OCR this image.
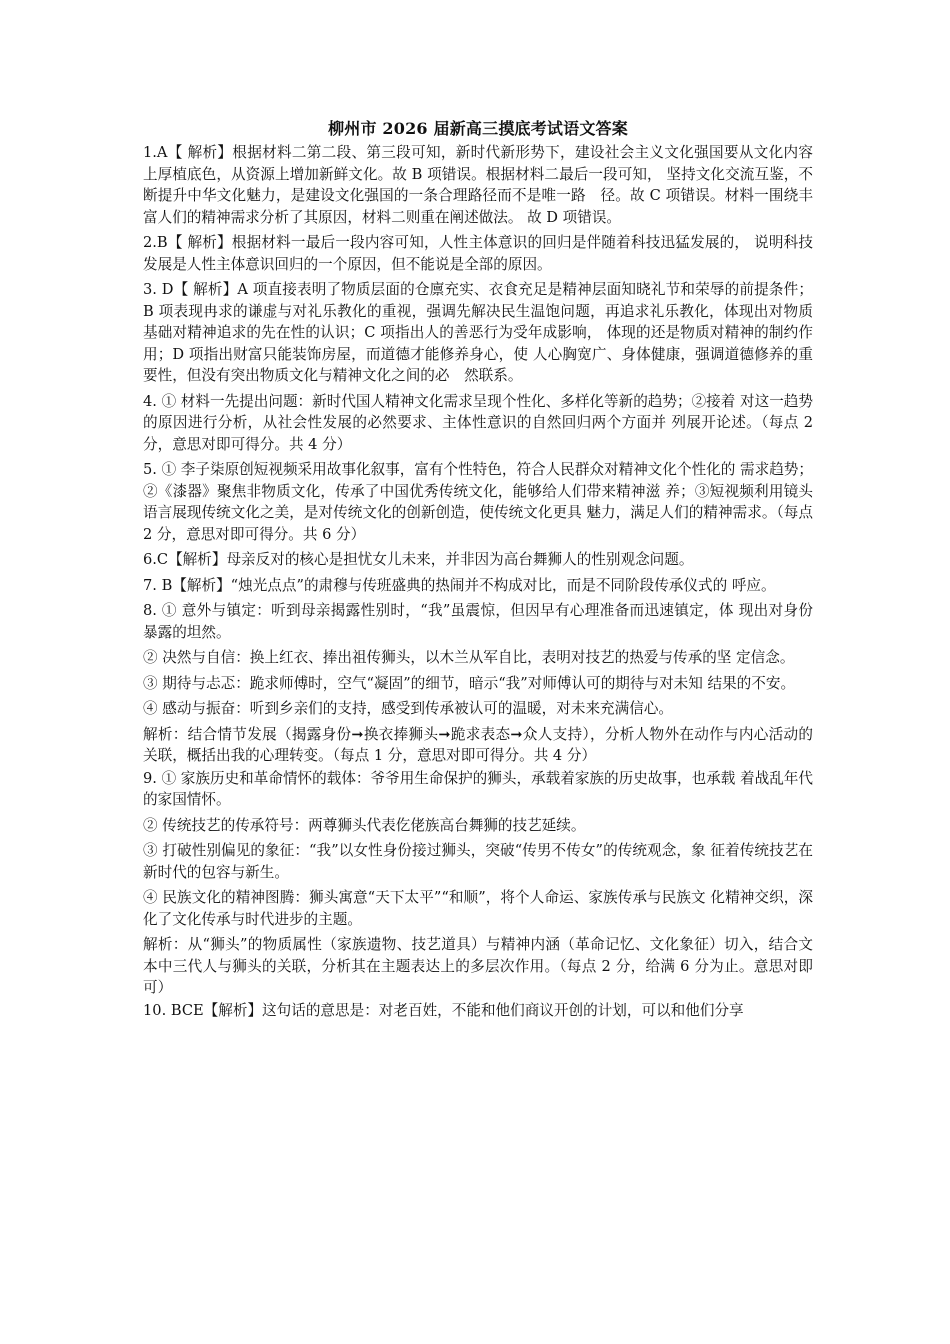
柳州市 2026 届新高三摸底考试语文答案
1.A【 解析】根据材料二第二段、第三段可知，新时代新形势下，建设社会主义文化强国要从文化内容上厚植底色，从资源上增加新鲜文化。故 B 项错误。根据材料二最后一段可知， 坚持文化交流互鉴，不断提升中华文化魅力，是建设文化强国的一条合理路径而不是唯一路　径。故 C 项错误。材料一围绕丰富人们的精神需求分析了其原因，材料二则重在阐述做法。 故 D 项错误。
2.B【 解析】根据材料一最后一段内容可知，人性主体意识的回归是伴随着科技迅猛发展的， 说明科技发展是人性主体意识回归的一个原因，但不能说是全部的原因。
3. D【 解析】A 项直接表明了物质层面的仓廪充实、衣食充足是精神层面知晓礼节和荣辱的前提条件；B 项表现冉求的谦虚与对礼乐教化的重视，强调先解决民生温饱问题，再追求礼乐教化，体现出对物质基础对精神追求的先在性的认识；C 项指出人的善恶行为受年成影响， 体现的还是物质对精神的制约作用；D 项指出财富只能装饰房屋，而道德才能修养身心，使 人心胸宽广、身体健康，强调道德修养的重要性，但没有突出物质文化与精神文化之间的必　然联系。
4. ① 材料一先提出问题：新时代国人精神文化需求呈现个性化、多样化等新的趋势；②接着 对这一趋势的原因进行分析，从社会性发展的必然要求、主体性意识的自然回归两个方面并 列展开论述。（每点 2 分，意思对即可得分。共 4 分）
5. ① 李子柒原创短视频采用故事化叙事，富有个性特色，符合人民群众对精神文化个性化的 需求趋势；②《漆器》聚焦非物质文化，传承了中国优秀传统文化，能够给人们带来精神滋 养；③短视频利用镜头语言展现传统文化之美，是对传统文化的创新创造，使传统文化更具 魅力，满足人们的精神需求。（每点 2 分，意思对即可得分。共 6 分）
6.C【解析】母亲反对的核心是担忧女儿未来，并非因为高台舞狮人的性别观念问题。
7. B【解析】“烛光点点”的肃穆与传班盛典的热闹并不构成对比，而是不同阶段传承仪式的 呼应。
8. ① 意外与镇定：听到母亲揭露性别时，“我”虽震惊，但因早有心理准备而迅速镇定，体 现出对身份暴露的坦然。
② 决然与自信：换上红衣、捧出祖传狮头，以木兰从军自比，表明对技艺的热爱与传承的坚 定信念。
③ 期待与忐忑：跪求师傅时，空气“凝固”的细节，暗示“我”对师傅认可的期待与对未知 结果的不安。
④ 感动与振奋：听到乡亲们的支持，感受到传承被认可的温暖，对未来充满信心。
解析：结合情节发展（揭露身份➞换衣捧狮头➞跪求表态➞众人支持），分析人物外在动作与内心活动的关联，概括出我的心理转变。（每点 1 分，意思对即可得分。共 4 分）
9. ① 家族历史和革命情怀的载体：爷爷用生命保护的狮头，承载着家族的历史故事，也承载 着战乱年代的家国情怀。
② 传统技艺的传承符号：两尊狮头代表仡佬族高台舞狮的技艺延续。
③ 打破性别偏见的象征：“我”以女性身份接过狮头，突破“传男不传女”的传统观念，象 征着传统技艺在新时代的包容与新生。
④ 民族文化的精神图腾：狮头寓意“天下太平”“和顺”，将个人命运、家族传承与民族文 化精神交织，深化了文化传承与时代进步的主题。
解析：从“狮头”的物质属性（家族遗物、技艺道具）与精神内涵（革命记忆、文化象征）切入，结合文本中三代人与狮头的关联，分析其在主题表达上的多层次作用。（每点 2 分，给满 6 分为止。意思对即可）
10. BCE【解析】这句话的意思是：对老百姓，不能和他们商议开创的计划，可以和他们分享
